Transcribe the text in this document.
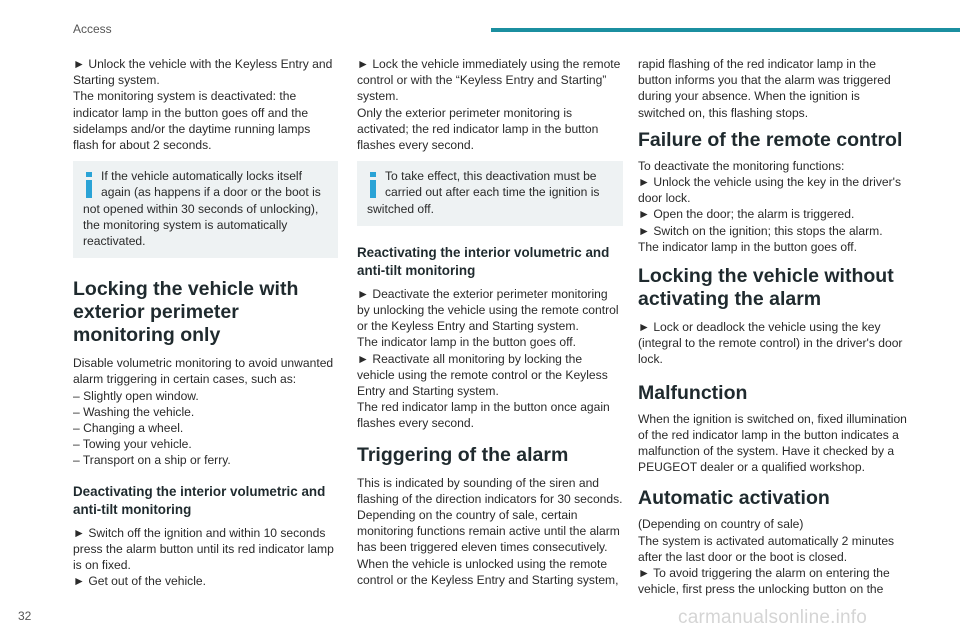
Access

► Unlock the vehicle with the Keyless Entry and Starting system.

The monitoring system is deactivated: the indicator lamp in the button goes off and the sidelamps and/or the daytime running lamps flash for about 2 seconds.

If the vehicle automatically locks itself again (as happens if a door or the boot is not opened within 30 seconds of unlocking), the monitoring system is automatically reactivated.
Locking the vehicle with exterior perimeter monitoring only

Disable volumetric monitoring to avoid unwanted alarm triggering in certain cases, such as:

– Slightly open window.

– Washing the vehicle.

– Changing a wheel.

– Towing your vehicle.

– Transport on a ship or ferry.

Deactivating the interior volumetric and anti-tilt monitoring

► Switch off the ignition and within 10 seconds press the alarm button until its red indicator lamp is on fixed.

► Get out of the vehicle.

► Lock the vehicle immediately using the remote control or with the “Keyless Entry and Starting” system.

Only the exterior perimeter monitoring is activated; the red indicator lamp in the button flashes every second.

To take effect, this deactivation must be carried out after each time the ignition is switched off.
Reactivating the interior volumetric and anti-tilt monitoring

► Deactivate the exterior perimeter monitoring by unlocking the vehicle using the remote control or the Keyless Entry and Starting system.

The indicator lamp in the button goes off.

► Reactivate all monitoring by locking the vehicle using the remote control or the Keyless Entry and Starting system.

The red indicator lamp in the button once again flashes every second.

Triggering of the alarm

This is indicated by sounding of the siren and flashing of the direction indicators for 30 seconds.

Depending on the country of sale, certain monitoring functions remain active until the alarm has been triggered eleven times consecutively.

When the vehicle is unlocked using the remote control or the Keyless Entry and Starting system,

rapid flashing of the red indicator lamp in the button informs you that the alarm was triggered during your absence. When the ignition is switched on, this flashing stops.

Failure of the remote control

To deactivate the monitoring functions:

► Unlock the vehicle using the key in the driver's door lock.

► Open the door; the alarm is triggered.

► Switch on the ignition; this stops the alarm.

The indicator lamp in the button goes off.

Locking the vehicle without activating the alarm

► Lock or deadlock the vehicle using the key (integral to the remote control) in the driver's door lock.

Malfunction

When the ignition is switched on, fixed illumination of the red indicator lamp in the button indicates a malfunction of the system. Have it checked by a PEUGEOT dealer or a qualified workshop.

Automatic activation

(Depending on country of sale)

The system is activated automatically 2 minutes after the last door or the boot is closed.

► To avoid triggering the alarm on entering the vehicle, first press the unlocking button on the

32	carmanualsonline.info
